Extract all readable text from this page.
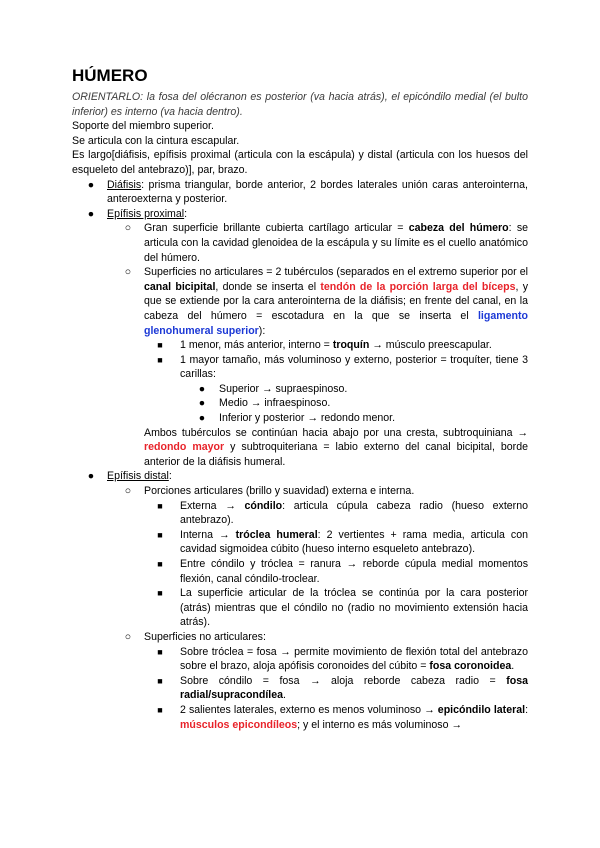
HÚMERO

ORIENTARLO: la fosa del olécranon es posterior (va hacia atrás), el epicóndilo medial (el bulto inferior) es interno (va hacia dentro).

Soporte del miembro superior.

Se articula con la cintura escapular.

Es largo[diáfisis, epífisis proximal (articula con la escápula) y distal (articula con los huesos del esqueleto del antebrazo)], par, brazo.

● Diáfisis: prisma triangular, borde anterior, 2 bordes laterales unión caras anterointerna, anteroexterna y posterior.

● Epífisis proximal:

○ Gran superficie brillante cubierta cartílago articular = cabeza del húmero: se articula con la cavidad glenoidea de la escápula y su límite es el cuello anatómico del húmero.

○ Superficies no articulares = 2 tubérculos (separados en el extremo superior por el canal bicipital, donde se inserta el tendón de la porción larga del bíceps, y que se extiende por la cara anterointerna de la diáfisis; en frente del canal, en la cabeza del húmero = escotadura en la que se inserta el ligamento glenohumeral superior):

■ 1 menor, más anterior, interno = troquín → músculo preescapular.

■ 1 mayor tamaño, más voluminoso y externo, posterior = troquíter, tiene 3 carillas:

● Superior → supraespinoso.

● Medio → infraespinoso.

● Inferior y posterior → redondo menor.

Ambos tubérculos se continúan hacia abajo por una cresta, subtroquiniana → redondo mayor y subtroquiteriana = labio externo del canal bicipital, borde anterior de la diáfisis humeral.

● Epífisis distal:

○ Porciones articulares (brillo y suavidad) externa e interna.

■ Externa → cóndilo: articula cúpula cabeza radio (hueso externo antebrazo).

■ Interna → tróclea humeral: 2 vertientes + rama media, articula con cavidad sigmoidea cúbito (hueso interno esqueleto antebrazo).

■ Entre cóndilo y tróclea = ranura → reborde cúpula medial momentos flexión, canal cóndilo-troclear.

■ La superficie articular de la tróclea se continúa por la cara posterior (atrás) mientras que el cóndilo no (radio no movimiento extensión hacia atrás).

○ Superficies no articulares:

■ Sobre tróclea = fosa → permite movimiento de flexión total del antebrazo sobre el brazo, aloja apófisis coronoides del cúbito = fosa coronoidea.

■ Sobre cóndilo = fosa → aloja reborde cabeza radio = fosa radial/supracondílea.

■ 2 salientes laterales, externo es menos voluminoso → epicóndilo lateral: músculos epicondíleos; y el interno es más voluminoso →
